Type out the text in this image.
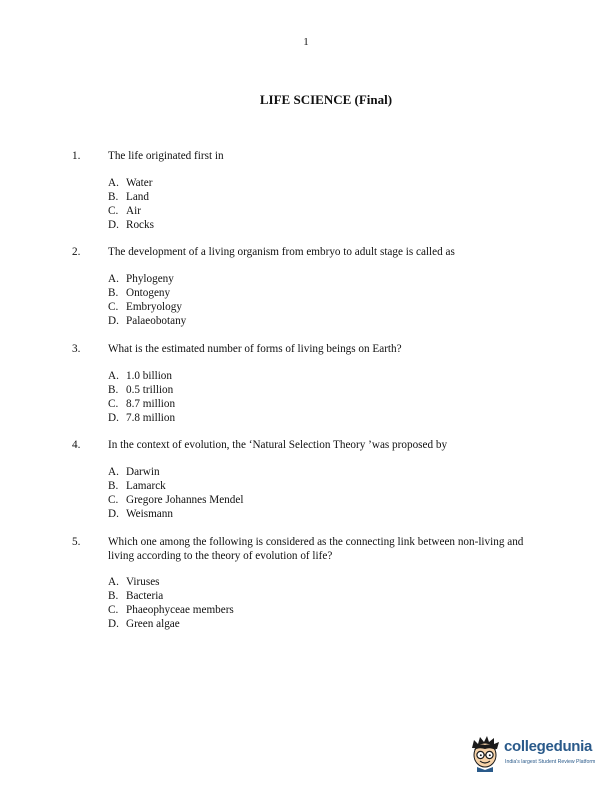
1
LIFE SCIENCE (Final)
1. The life originated first in
A. Water
B. Land
C. Air
D. Rocks
2. The development of a living organism from embryo to adult stage is called as
A. Phylogeny
B. Ontogeny
C. Embryology
D. Palaeobotany
3. What is the estimated number of forms of living beings on Earth?
A. 1.0 billion
B. 0.5 trillion
C. 8.7 million
D. 7.8 million
4. In the context of evolution, the ‘Natural Selection Theory ’was proposed by
A. Darwin
B. Lamarck
C. Gregore Johannes Mendel
D. Weismann
5. Which one among the following is considered as the connecting link between non-living and living according to the theory of evolution of life?
A. Viruses
B. Bacteria
C. Phaeophyceae members
D. Green algae
collegedunia
India's largest Student Review Platform
